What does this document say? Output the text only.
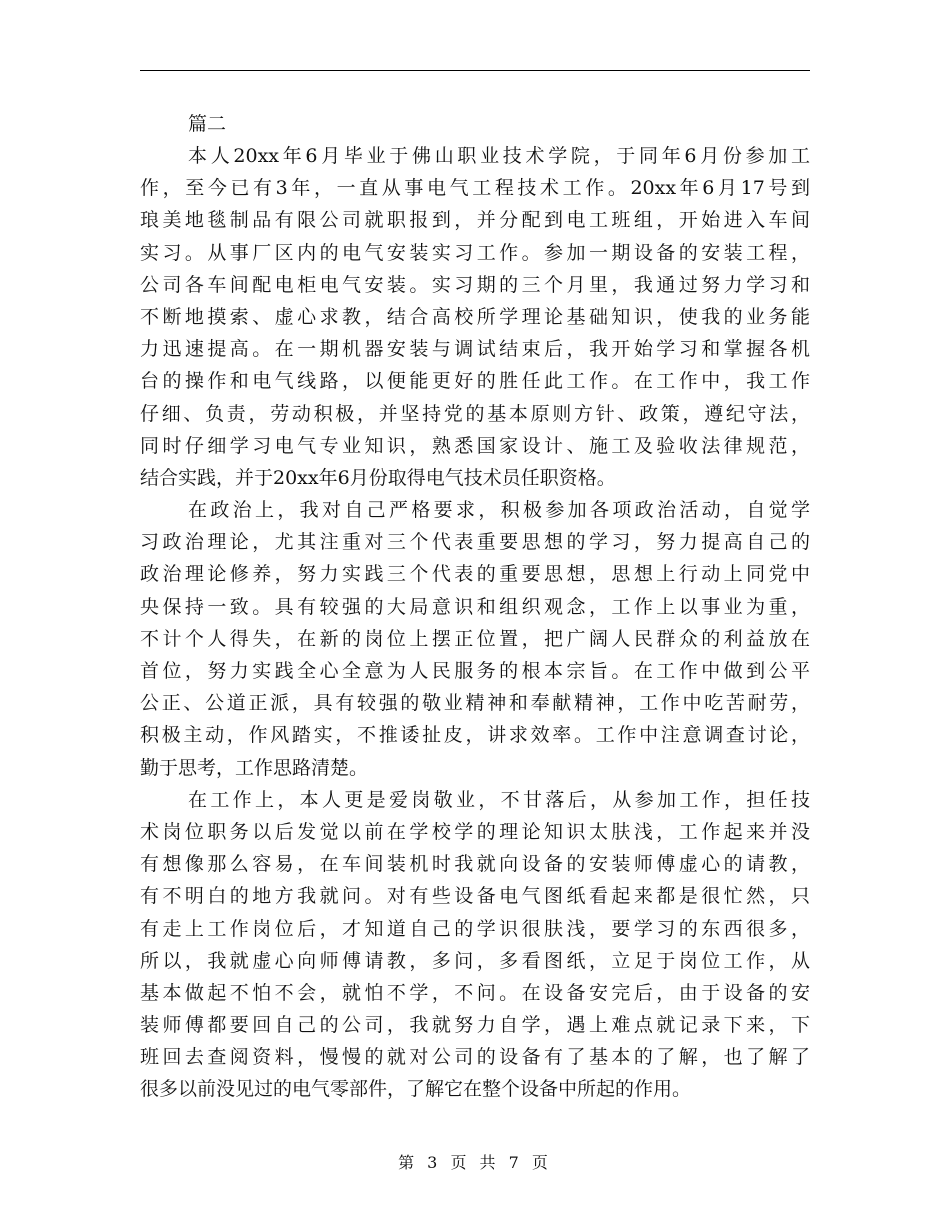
篇二
本人20xx年6月毕业于佛山职业技术学院，于同年6月份参加工
作，至今已有3年，一直从事电气工程技术工作。20xx年6月17号到
琅美地毯制品有限公司就职报到，并分配到电工班组，开始进入车间
实习。从事厂区内的电气安装实习工作。参加一期设备的安装工程，
公司各车间配电柜电气安装。实习期的三个月里，我通过努力学习和
不断地摸索、虚心求教，结合高校所学理论基础知识，使我的业务能
力迅速提高。在一期机器安装与调试结束后，我开始学习和掌握各机
台的操作和电气线路，以便能更好的胜任此工作。在工作中，我工作
仔细、负责，劳动积极，并坚持党的基本原则方针、政策，遵纪守法，
同时仔细学习电气专业知识，熟悉国家设计、施工及验收法律规范，
结合实践，并于20xx年6月份取得电气技术员任职资格。
在政治上，我对自己严格要求，积极参加各项政治活动，自觉学
习政治理论，尤其注重对三个代表重要思想的学习，努力提高自己的
政治理论修养，努力实践三个代表的重要思想，思想上行动上同党中
央保持一致。具有较强的大局意识和组织观念，工作上以事业为重，
不计个人得失，在新的岗位上摆正位置，把广阔人民群众的利益放在
首位，努力实践全心全意为人民服务的根本宗旨。在工作中做到公平
公正、公道正派，具有较强的敬业精神和奉献精神，工作中吃苦耐劳，
积极主动，作风踏实，不推诿扯皮，讲求效率。工作中注意调查讨论，
勤于思考，工作思路清楚。
在工作上，本人更是爱岗敬业，不甘落后，从参加工作，担任技
术岗位职务以后发觉以前在学校学的理论知识太肤浅，工作起来并没
有想像那么容易，在车间装机时我就向设备的安装师傅虚心的请教，
有不明白的地方我就问。对有些设备电气图纸看起来都是很忙然，只
有走上工作岗位后，才知道自己的学识很肤浅，要学习的东西很多，
所以，我就虚心向师傅请教，多问，多看图纸，立足于岗位工作，从
基本做起不怕不会，就怕不学，不问。在设备安完后，由于设备的安
装师傅都要回自己的公司，我就努力自学，遇上难点就记录下来，下
班回去查阅资料，慢慢的就对公司的设备有了基本的了解，也了解了
很多以前没见过的电气零部件，了解它在整个设备中所起的作用。
第 3 页 共 7 页
